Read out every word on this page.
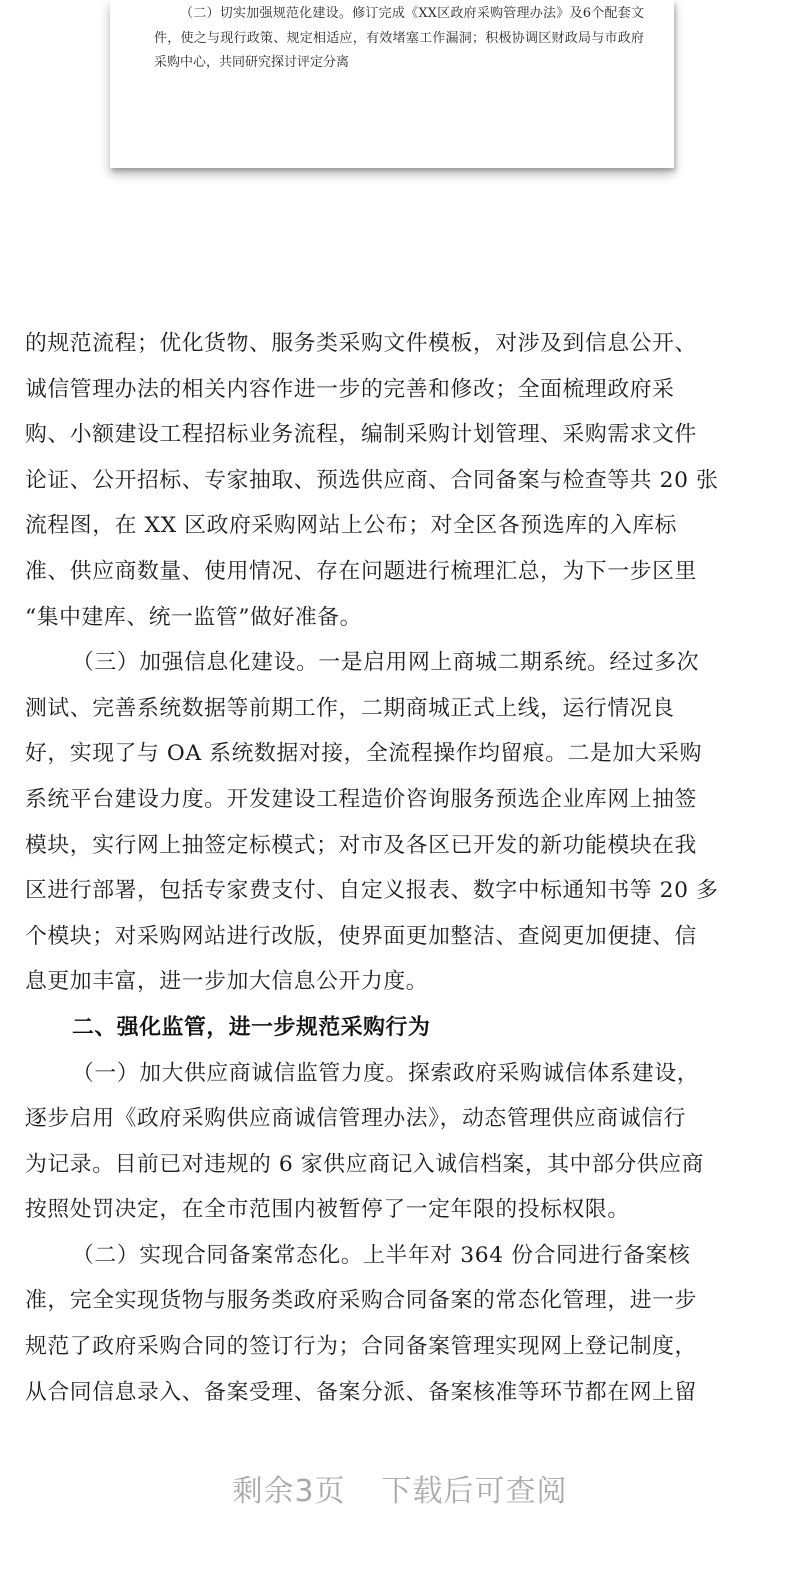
（二）切实加强规范化建设。修订完成《XX区政府采购管理办法》及6个配套文件，使之与现行政策、规定相适应，有效堵塞工作漏洞；积极协调区财政局与市政府采购中心，共同研究探讨评定分离

的规范流程；优化货物、服务类采购文件模板，对涉及到信息公开、
诚信管理办法的相关内容作进一步的完善和修改；全面梳理政府采
购、小额建设工程招标业务流程，编制采购计划管理、采购需求文件
论证、公开招标、专家抽取、预选供应商、合同备案与检查等共 20 张
流程图，在 XX 区政府采购网站上公布；对全区各预选库的入库标
准、供应商数量、使用情况、存在问题进行梳理汇总，为下一步区里
“集中建库、统一监管”做好准备。
（三）加强信息化建设。一是启用网上商城二期系统。经过多次
测试、完善系统数据等前期工作，二期商城正式上线，运行情况良
好，实现了与 OA 系统数据对接，全流程操作均留痕。二是加大采购
系统平台建设力度。开发建设工程造价咨询服务预选企业库网上抽签
模块，实行网上抽签定标模式；对市及各区已开发的新功能模块在我
区进行部署，包括专家费支付、自定义报表、数字中标通知书等 20 多
个模块；对采购网站进行改版，使界面更加整洁、查阅更加便捷、信
息更加丰富，进一步加大信息公开力度。
二、强化监管，进一步规范采购行为
（一）加大供应商诚信监管力度。探索政府采购诚信体系建设，
逐步启用《政府采购供应商诚信管理办法》，动态管理供应商诚信行
为记录。目前已对违规的 6 家供应商记入诚信档案，其中部分供应商
按照处罚决定，在全市范围内被暂停了一定年限的投标权限。
（二）实现合同备案常态化。上半年对 364 份合同进行备案核
准，完全实现货物与服务类政府采购合同备案的常态化管理，进一步
规范了政府采购合同的签订行为；合同备案管理实现网上登记制度，
从合同信息录入、备案受理、备案分派、备案核准等环节都在网上留
剩余3页 下载后可查阅
